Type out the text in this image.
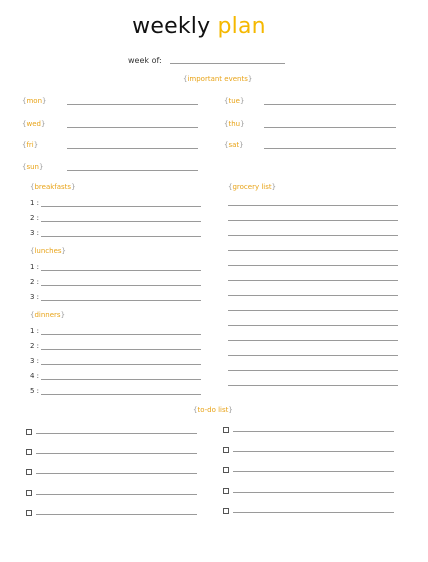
weekly plan
week of:
{important events}
{mon}	{tue}
{wed}	{thu}
{fri}	{sat}
{sun}
{breakfasts}
1 :
2 :
3 :
{lunches}
1 :
2 :
3 :
{dinners}
1 :
2 :
3 :
4 :
5 :
{grocery list}
{to-do list}
